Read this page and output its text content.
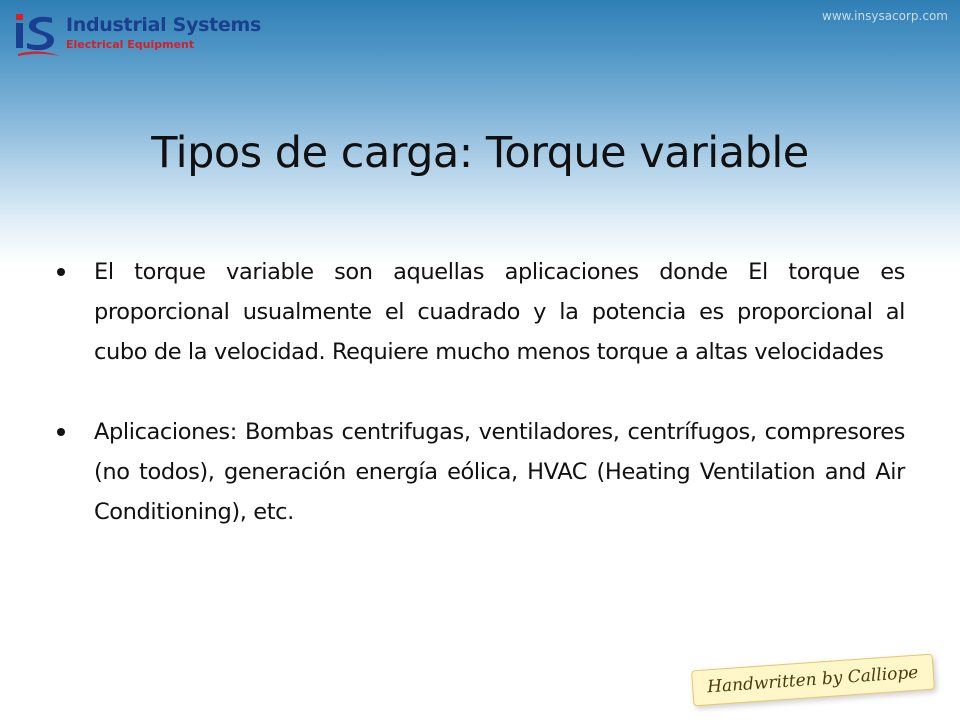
Industrial Systems
Electrical Equipment
www.insysacorp.com
Tipos de carga: Torque variable
El torque variable son aquellas aplicaciones donde El torque es proporcional usualmente el cuadrado y la potencia es proporcional al cubo de la velocidad. Requiere mucho menos torque a altas velocidades
Aplicaciones: Bombas centrifugas, ventiladores, centrífugos, compresores (no todos), generación energía eólica, HVAC (Heating Ventilation and Air Conditioning), etc.
Handwritten by Calliope
